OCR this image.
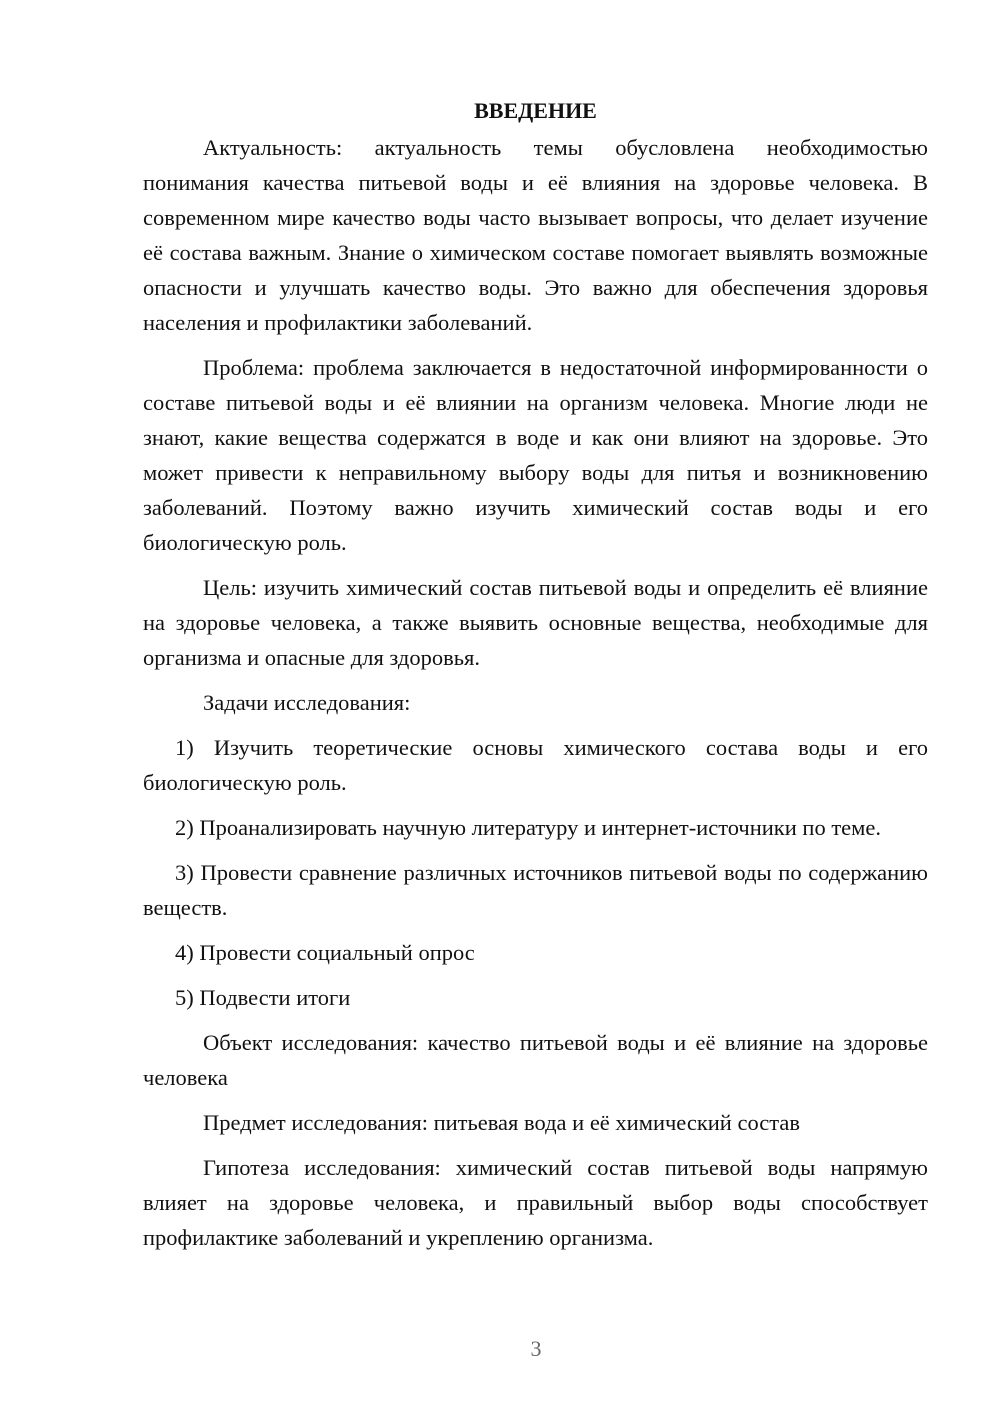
ВВЕДЕНИЕ

Актуальность: актуальность темы обусловлена необходимостью понимания качества питьевой воды и её влияния на здоровье человека. В современном мире качество воды часто вызывает вопросы, что делает изучение её состава важным. Знание о химическом составе помогает выявлять возможные опасности и улучшать качество воды. Это важно для обеспечения здоровья населения и профилактики заболеваний.

Проблема: проблема заключается в недостаточной информированности о составе питьевой воды и её влиянии на организм человека. Многие люди не знают, какие вещества содержатся в воде и как они влияют на здоровье. Это может привести к неправильному выбору воды для питья и возникновению заболеваний. Поэтому важно изучить химический состав воды и его биологическую роль.

Цель: изучить химический состав питьевой воды и определить её влияние на здоровье человека, а также выявить основные вещества, необходимые для организма и опасные для здоровья.

Задачи исследования:

1) Изучить теоретические основы химического состава воды и его биологическую роль.

2) Проанализировать научную литературу и интернет-источники по теме.

3) Провести сравнение различных источников питьевой воды по содержанию веществ.

4) Провести социальный опрос

5) Подвести итоги

Объект исследования: качество питьевой воды и её влияние на здоровье человека

Предмет исследования: питьевая вода и её химический состав

Гипотеза исследования: химический состав питьевой воды напрямую влияет на здоровье человека, и правильный выбор воды способствует профилактике заболеваний и укреплению организма.

3
